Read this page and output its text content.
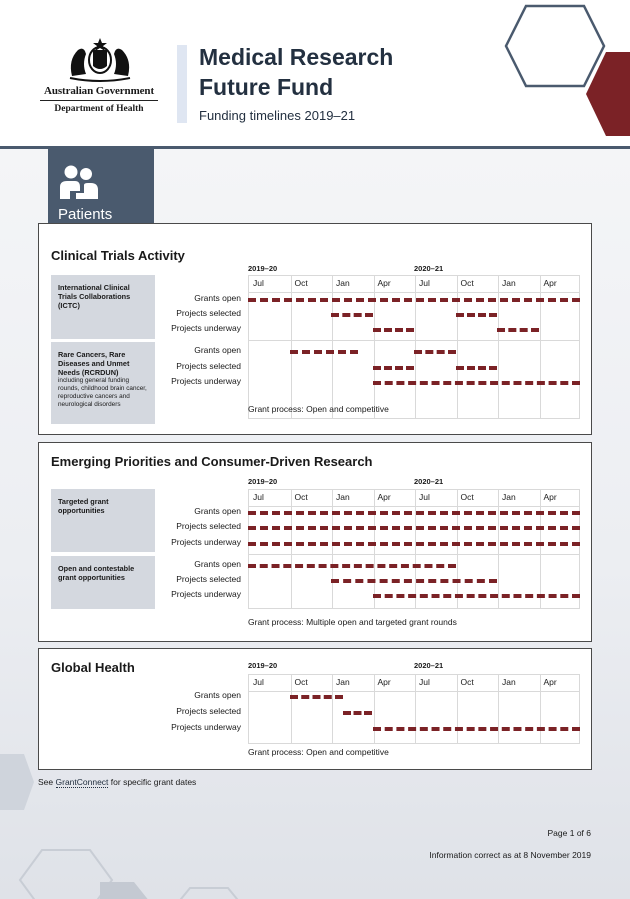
Australian Government
Department of Health
Medical Research
Future Fund
Funding timelines 2019–21
Patients
Clinical Trials Activity
2019–20	2020–21
Jul	Oct	Jan	Apr	Jul	Oct	Jan	Apr
International Clinical Trials Collaborations (ICTC)
Grants open
Projects selected
Projects underway
Rare Cancers, Rare Diseases and Unmet Needs (RCRDUN)
including general funding rounds, childhood brain cancer, reproductive cancers and neurological disorders
Grants open
Projects selected
Projects underway
Grant process: Open and competitive
Emerging Priorities and Consumer-Driven Research
2019–20	2020–21
Jul	Oct	Jan	Apr	Jul	Oct	Jan	Apr
Targeted grant opportunities	Grants open
Projects selected
Projects underway
Open and contestable grant opportunities
Grants open
Projects selected
Projects underway
Grant process: Multiple open and targeted grant rounds
Global Health	2019–20	2020–21
Jul	Oct	Jan	Apr	Jul	Oct	Jan	Apr
Grants open
Projects selected
Projects underway
Grant process: Open and competitive
See GrantConnect for specific grant dates
Page 1 of 6
Information correct as at 8 November 2019
